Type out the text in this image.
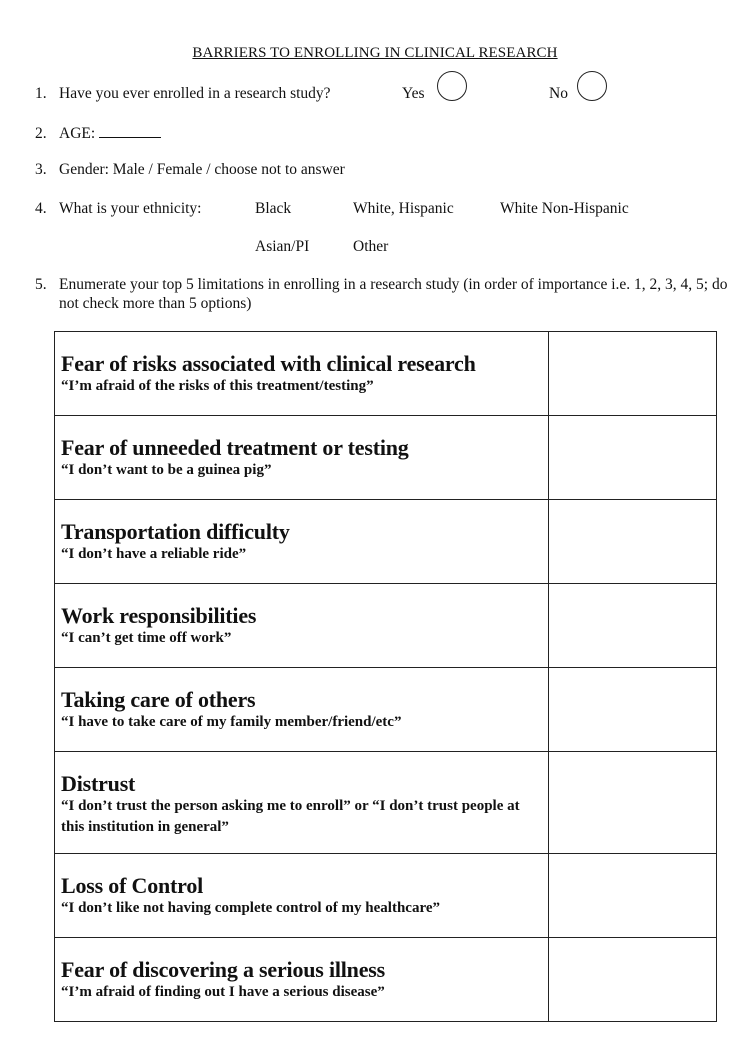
BARRIERS TO ENROLLING IN CLINICAL RESEARCH
1. Have you ever enrolled in a research study?	Yes	No
2. AGE:
3. Gender: Male / Female / choose not to answer
4. What is your ethnicity:	Black	White, Hispanic	White Non-Hispanic
Asian/PI	Other
5. Enumerate your top 5 limitations in enrolling in a research study (in order of importance i.e. 1, 2, 3, 4, 5; do not check more than 5 options)
Fear of risks associated with clinical research
“I’m afraid of the risks of this treatment/testing”	

Fear of unneeded treatment or testing
“I don’t want to be a guinea pig”	

Transportation difficulty
“I don’t have a reliable ride”	

Work responsibilities
“I can’t get time off work”	

Taking care of others
“I have to take care of my family member/friend/etc”	

Distrust
“I don’t trust the person asking me to enroll” or “I don’t trust people at this institution in general”	

Loss of Control
“I don’t like not having complete control of my healthcare”	

Fear of discovering a serious illness
“I’m afraid of finding out I have a serious disease”	
